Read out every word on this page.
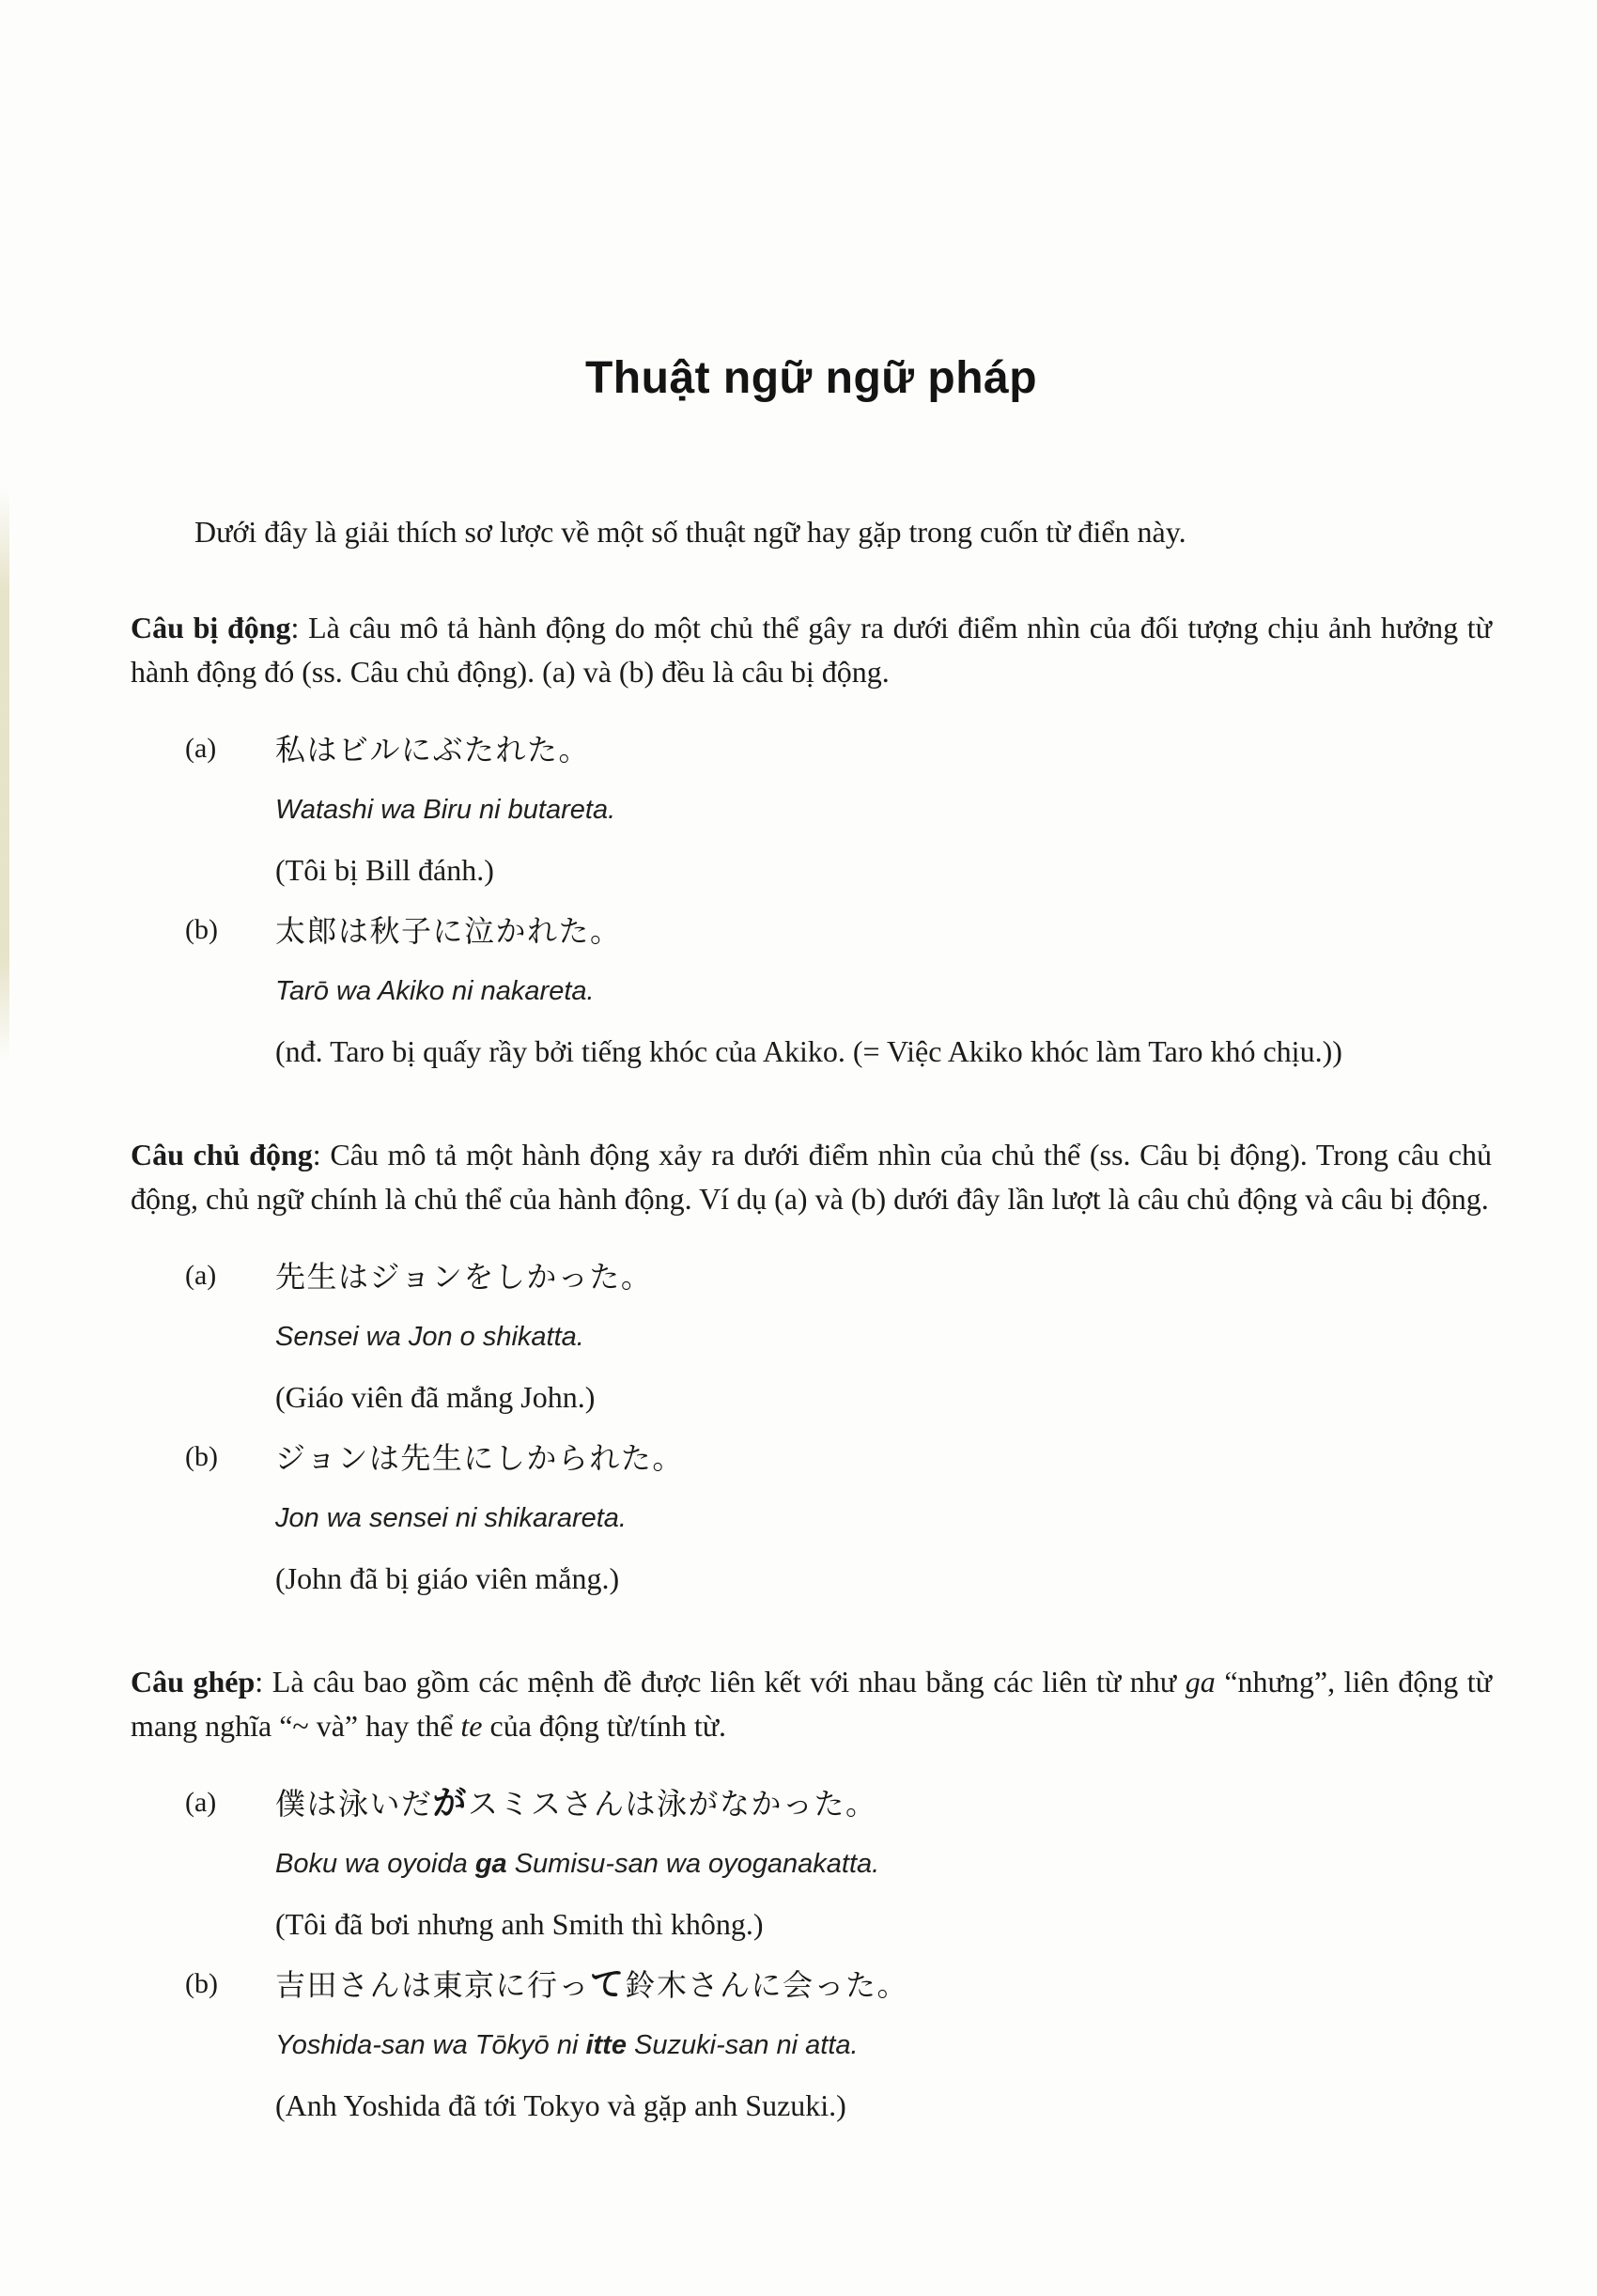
Thuật ngữ ngữ pháp

Dưới đây là giải thích sơ lược về một số thuật ngữ hay gặp trong cuốn từ điển này.

Câu bị động: Là câu mô tả hành động do một chủ thể gây ra dưới điểm nhìn của đối tượng chịu ảnh hưởng từ hành động đó (ss. Câu chủ động). (a) và (b) đều là câu bị động.

(a)	私はビルにぶたれた。
Watashi wa Biru ni butareta.
(Tôi bị Bill đánh.)
(b)	太郎は秋子に泣かれた。
Tarō wa Akiko ni nakareta.
(nđ. Taro bị quấy rầy bởi tiếng khóc của Akiko. (= Việc Akiko khóc làm Taro khó chịu.))

Câu chủ động: Câu mô tả một hành động xảy ra dưới điểm nhìn của chủ thể (ss. Câu bị động). Trong câu chủ động, chủ ngữ chính là chủ thể của hành động. Ví dụ (a) và (b) dưới đây lần lượt là câu chủ động và câu bị động.

(a)	先生はジョンをしかった。
Sensei wa Jon o shikatta.
(Giáo viên đã mắng John.)
(b)	ジョンは先生にしかられた。
Jon wa sensei ni shikarareta.
(John đã bị giáo viên mắng.)

Câu ghép: Là câu bao gồm các mệnh đề được liên kết với nhau bằng các liên từ như ga “nhưng”, liên động từ mang nghĩa “~ và” hay thể te của động từ/tính từ.

(a)	僕は泳いだがスミスさんは泳がなかった。
Boku wa oyoida ga Sumisu-san wa oyoganakatta.
(Tôi đã bơi nhưng anh Smith thì không.)
(b)	吉田さんは東京に行って鈴木さんに会った。
Yoshida-san wa Tōkyō ni itte Suzuki-san ni atta.
(Anh Yoshida đã tới Tokyo và gặp anh Suzuki.)
